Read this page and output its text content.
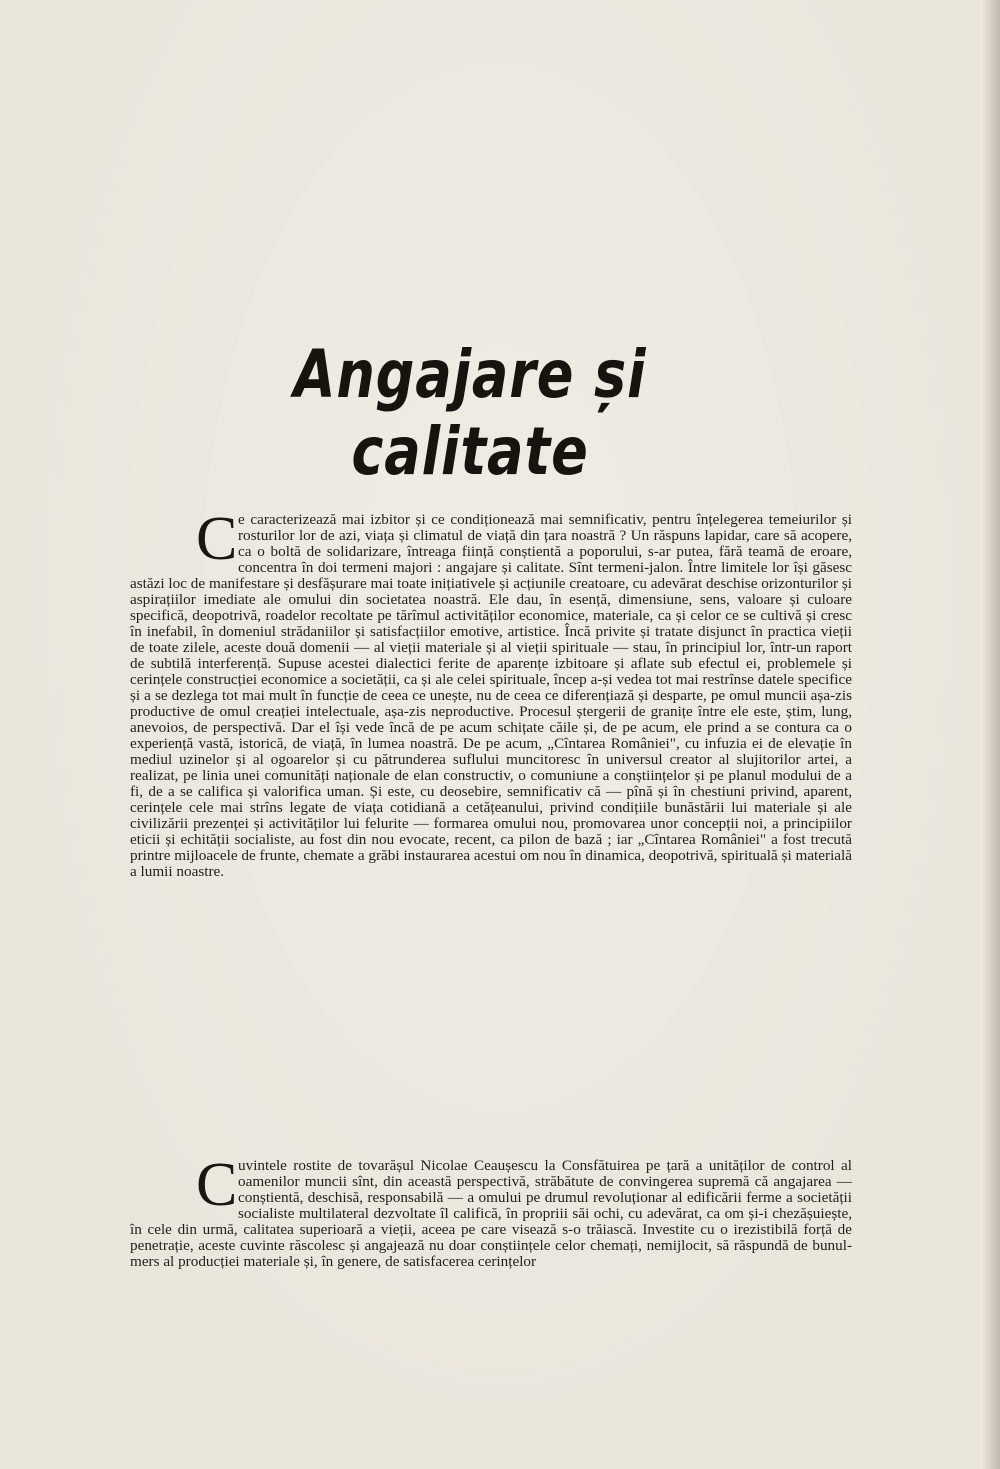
Angajare și calitate

Ce caracterizează mai izbitor și ce condiționează mai semnificativ, pentru înțelegerea temeiurilor și rosturilor lor de azi, viața și climatul de viață din țara noastră ? Un răspuns lapidar, care să acopere, ca o boltă de solidarizare, întreaga ființă conștientă a poporului, s-ar putea, fără teamă de eroare, concentra în doi termeni majori : angajare și calitate. Sînt termeni-jalon. Între limitele lor își găsesc astăzi loc de manifestare și desfășurare mai toate inițiativele și acțiunile creatoare, cu adevărat deschise orizonturilor și aspirațiilor imediate ale omului din societatea noastră. Ele dau, în esență, dimensiune, sens, valoare și culoare specifică, deopotrivă, roadelor recoltate pe tărîmul activităților economice, materiale, ca și celor ce se cultivă și cresc în inefabil, în domeniul strădaniilor și satisfacțiilor emotive, artistice. Încă privite și tratate disjunct în practica vieții de toate zilele, aceste două domenii — al vieții materiale și al vieții spirituale — stau, în principiul lor, într-un raport de subtilă interferență. Supuse acestei dialectici ferite de aparențe izbitoare și aflate sub efectul ei, problemele și cerințele construcției economice a societății, ca și ale celei spirituale, încep a-și vedea tot mai restrînse datele specifice și a se dezlega tot mai mult în funcție de ceea ce unește, nu de ceea ce diferențiază și desparte, pe omul muncii așa-zis productive de omul creației intelectuale, așa-zis neproductive. Procesul ștergerii de granițe între ele este, știm, lung, anevoios, de perspectivă. Dar el își vede încă de pe acum schițate căile și, de pe acum, ele prind a se contura ca o experiență vastă, istorică, de viață, în lumea noastră. De pe acum, „Cîntarea României", cu infuzia ei de elevație în mediul uzinelor și al ogoarelor și cu pătrunderea suflului muncitoresc în universul creator al slujitorilor artei, a realizat, pe linia unei comunități naționale de elan constructiv, o comuniune a conștiințelor și pe planul modului de a fi, de a se califica și valorifica uman. Și este, cu deosebire, semnificativ că — pînă și în chestiuni privind, aparent, cerințele cele mai strîns legate de viața cotidiană a cetățeanului, privind condițiile bunăstării lui materiale și ale civilizării prezenței și activităților lui felurite — formarea omului nou, promovarea unor concepții noi, a principiilor eticii și echității socialiste, au fost din nou evocate, recent, ca pilon de bază ; iar „Cîntarea României" a fost trecută printre mijloacele de frunte, chemate a grăbi instaurarea acestui om nou în dinamica, deopotrivă, spirituală și materială a lumii noastre.

Cuvintele rostite de tovarășul Nicolae Ceaușescu la Consfătuirea pe țară a unităților de control al oamenilor muncii sînt, din această perspectivă, străbătute de convingerea supremă că angajarea — conștientă, deschisă, responsabilă — a omului pe drumul revoluționar al edificării ferme a societății socialiste multilateral dezvoltate îl califică, în propriii săi ochi, cu adevărat, ca om și-i chezășuiește, în cele din urmă, calitatea superioară a vieții, aceea pe care visează s-o trăiască. Investite cu o irezistibilă forță de penetrație, aceste cuvinte răscolesc și angajează nu doar conștiințele celor chemați, nemijlocit, să răspundă de bunul-mers al producției materiale și, în genere, de satisfacerea cerințelor
